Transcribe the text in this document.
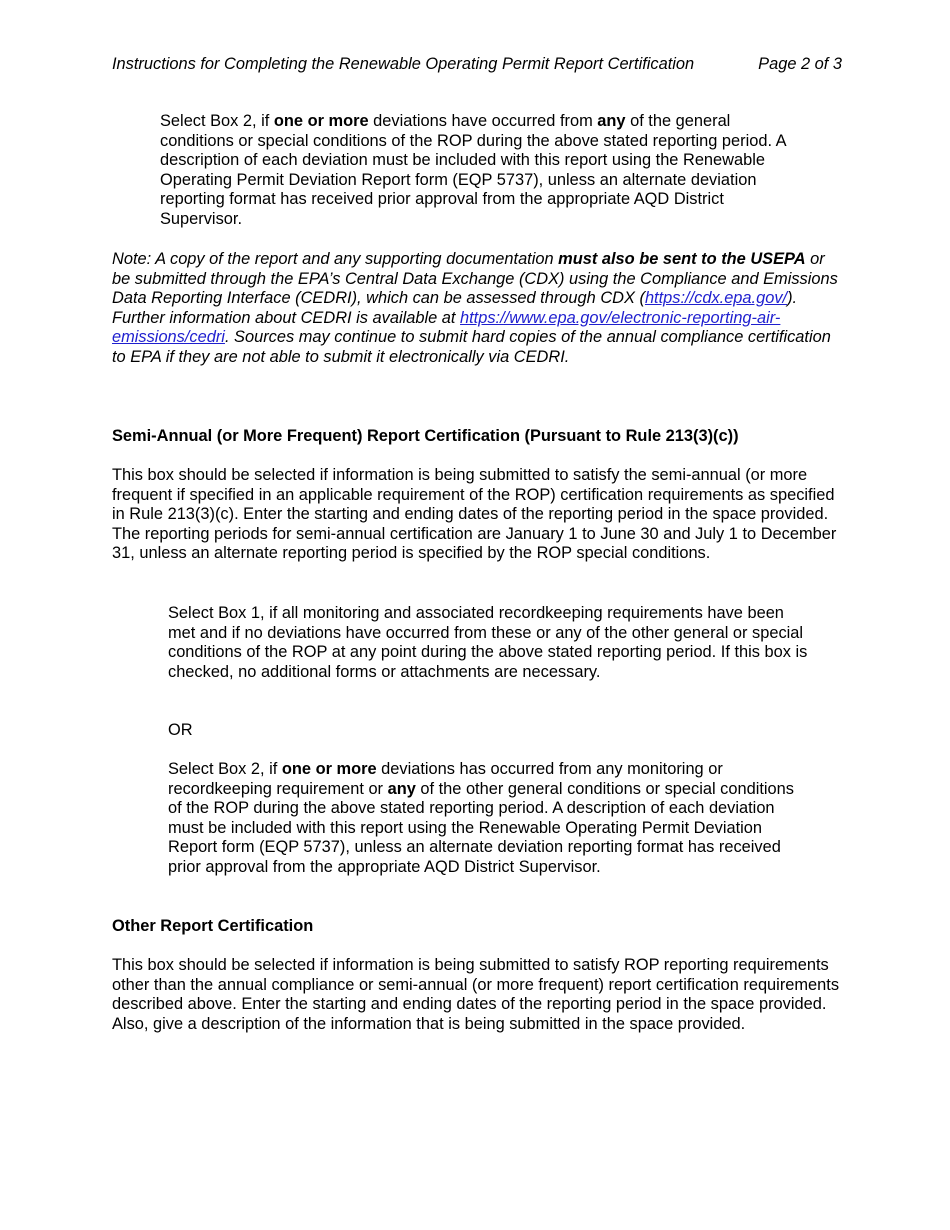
Instructions for Completing the Renewable Operating Permit Report Certification	Page 2 of 3

Select Box 2, if one or more deviations have occurred from any of the general conditions or special conditions of the ROP during the above stated reporting period. A description of each deviation must be included with this report using the Renewable Operating Permit Deviation Report form (EQP 5737), unless an alternate deviation reporting format has received prior approval from the appropriate AQD District Supervisor.

Note: A copy of the report and any supporting documentation must also be sent to the USEPA or be submitted through the EPA’s Central Data Exchange (CDX) using the Compliance and Emissions Data Reporting Interface (CEDRI), which can be assessed through CDX (https://cdx.epa.gov/). Further information about CEDRI is available at https://www.epa.gov/electronic-reporting-air-emissions/cedri. Sources may continue to submit hard copies of the annual compliance certification to EPA if they are not able to submit it electronically via CEDRI.

Semi-Annual (or More Frequent) Report Certification (Pursuant to Rule 213(3)(c))

This box should be selected if information is being submitted to satisfy the semi-annual (or more frequent if specified in an applicable requirement of the ROP) certification requirements as specified in Rule 213(3)(c). Enter the starting and ending dates of the reporting period in the space provided. The reporting periods for semi-annual certification are January 1 to June 30 and July 1 to December 31, unless an alternate reporting period is specified by the ROP special conditions.

Select Box 1, if all monitoring and associated recordkeeping requirements have been met and if no deviations have occurred from these or any of the other general or special conditions of the ROP at any point during the above stated reporting period. If this box is checked, no additional forms or attachments are necessary.

OR

Select Box 2, if one or more deviations has occurred from any monitoring or recordkeeping requirement or any of the other general conditions or special conditions of the ROP during the above stated reporting period. A description of each deviation must be included with this report using the Renewable Operating Permit Deviation Report form (EQP 5737), unless an alternate deviation reporting format has received prior approval from the appropriate AQD District Supervisor.

Other Report Certification

This box should be selected if information is being submitted to satisfy ROP reporting requirements other than the annual compliance or semi-annual (or more frequent) report certification requirements described above. Enter the starting and ending dates of the reporting period in the space provided. Also, give a description of the information that is being submitted in the space provided.
